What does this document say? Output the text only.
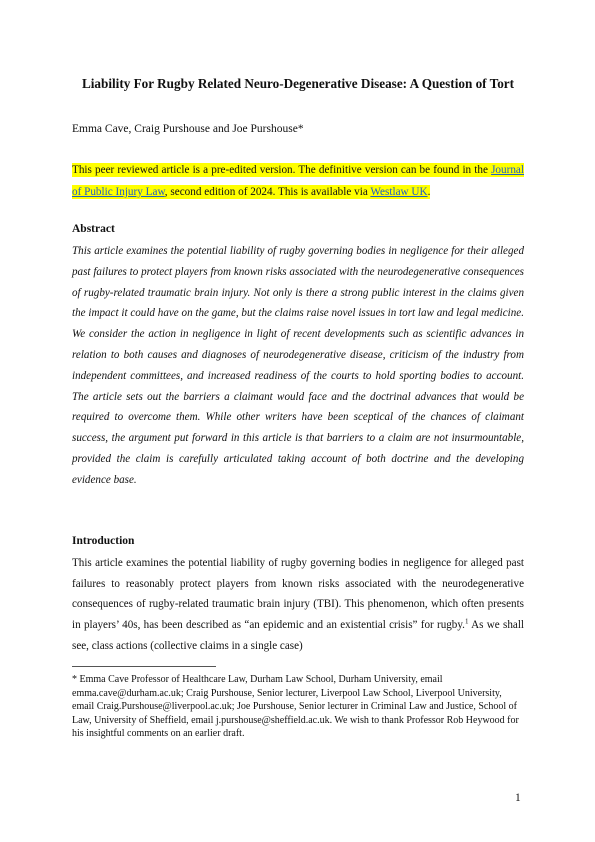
Liability For Rugby Related Neuro-Degenerative Disease: A Question of Tort
Emma Cave, Craig Purshouse and Joe Purshouse*
This peer reviewed article is a pre-edited version. The definitive version can be found in the Journal of Public Injury Law, second edition of 2024. This is available via Westlaw UK.
Abstract
This article examines the potential liability of rugby governing bodies in negligence for their alleged past failures to protect players from known risks associated with the neurodegenerative consequences of rugby-related traumatic brain injury. Not only is there a strong public interest in the claims given the impact it could have on the game, but the claims raise novel issues in tort law and legal medicine. We consider the action in negligence in light of recent developments such as scientific advances in relation to both causes and diagnoses of neurodegenerative disease, criticism of the industry from independent committees, and increased readiness of the courts to hold sporting bodies to account. The article sets out the barriers a claimant would face and the doctrinal advances that would be required to overcome them. While other writers have been sceptical of the chances of claimant success, the argument put forward in this article is that barriers to a claim are not insurmountable, provided the claim is carefully articulated taking account of both doctrine and the developing evidence base.
Introduction
This article examines the potential liability of rugby governing bodies in negligence for alleged past failures to reasonably protect players from known risks associated with the neurodegenerative consequences of rugby-related traumatic brain injury (TBI). This phenomenon, which often presents in players’ 40s, has been described as “an epidemic and an existential crisis” for rugby.$^1$ As we shall see, class actions (collective claims in a single case)
* Emma Cave Professor of Healthcare Law, Durham Law School, Durham University, email emma.cave@durham.ac.uk; Craig Purshouse, Senior lecturer, Liverpool Law School, Liverpool University, email Craig.Purshouse@liverpool.ac.uk; Joe Purshouse, Senior lecturer in Criminal Law and Justice, School of Law, University of Sheffield, email j.purshouse@sheffield.ac.uk. We wish to thank Professor Rob Heywood for his insightful comments on an earlier draft.
1
